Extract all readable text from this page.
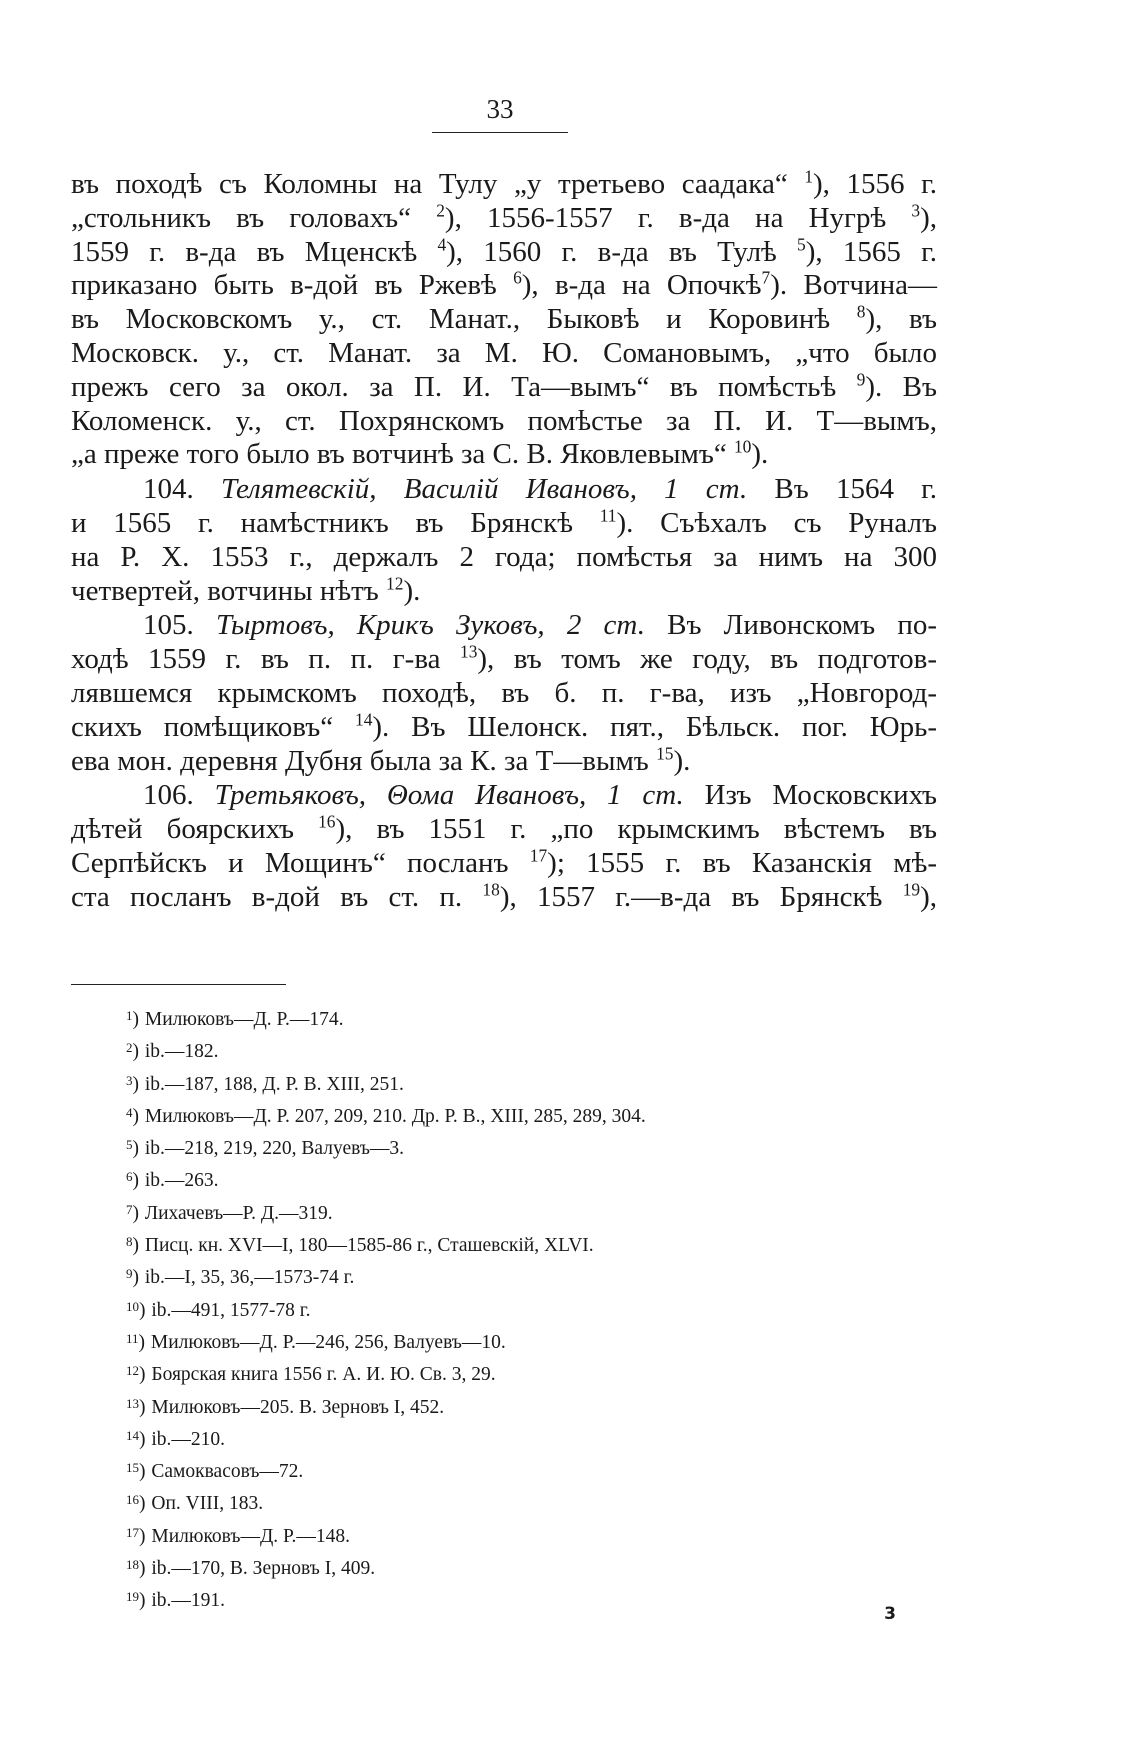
33

въ походѣ съ Коломны на Тулу „у третьево саадака“ $^1$), 1556 г.

„стольникъ въ головахъ“ $^2$), 1556-1557 г. в-да на Нугрѣ $^3$),

1559 г. в-да въ Мценскѣ $^4$), 1560 г. в-да въ Тулѣ $^5$), 1565 г.

приказано быть в-дой въ Ржевѣ $^6$), в-да на Опочкѣ$^7$). Вотчина—

въ Московскомъ у., ст. Манат., Быковѣ и Коровинѣ $^8$), въ

Московск. у., ст. Манат. за М. Ю. Сомановымъ, „что было

прежъ сего за окол. за П. И. Та—вымъ“ въ помѣстьѣ $^9$). Въ

Коломенск. у., ст. Похрянскомъ помѣстье за П. И. Т—вымъ,

„а преже того было въ вотчинѣ за С. В. Яковлевымъ“ $^{10}$).

104. Телятевскій, Василій Ивановъ, 1 ст. Въ 1564 г.

и 1565 г. намѣстникъ въ Брянскѣ $^{11}$). Съѣхалъ съ Руналъ

на Р. Х. 1553 г., держалъ 2 года; помѣстья за нимъ на 300

четвертей, вотчины нѣтъ $^{12}$).

105. Тыртовъ, Крикъ Зуковъ, 2 ст. Въ Ливонскомъ по-

ходѣ 1559 г. въ п. п. г-ва $^{13}$), въ томъ же году, въ подготов-

лявшемся крымскомъ походѣ, въ б. п. г-ва, изъ „Новгород-

скихъ помѣщиковъ“ $^{14}$). Въ Шелонск. пят., Бѣльск. пог. Юрь-

ева мон. деревня Дубня была за К. за Т—вымъ $^{15}$).

106. Третьяковъ, Θома Ивановъ, 1 ст. Изъ Московскихъ

дѣтей боярскихъ $^{16}$), въ 1551 г. „по крымскимъ вѣстемъ въ

Серпѣйскъ и Мощинъ“ посланъ $^{17}$); 1555 г. въ Казанскія мѣ-

ста посланъ в-дой въ ст. п. $^{18}$), 1557 г.—в-да въ Брянскѣ $^{19}$),

$^1$ ) Милюковъ—Д. Р.—174.
$^2$ ) ib.—182.
$^3$ ) ib.—187, 188, Д. Р. В. XIII, 251.
$^4$ ) Милюковъ—Д. Р. 207, 209, 210. Др. Р. В., XIII, 285, 289, 304.
$^5$ ) ib.—218, 219, 220, Валуевъ—3.
$^6$ ) ib.—263.
$^7$ ) Лихачевъ—Р. Д.—319.
$^8$ ) Писц. кн. XVI—I, 180—1585-86 г., Сташевскій, XLVI.
$^9$ ) ib.—I, 35, 36,—1573-74 г.
$^{10}$ ) ib.—491, 1577-78 г.
$^{11}$ ) Милюковъ—Д. Р.—246, 256, Валуевъ—10.
$^{12}$ ) Боярская книга 1556 г. А. И. Ю. Св. 3, 29.
$^{13}$ ) Милюковъ—205. В. Зерновъ I, 452.
$^{14}$ ) ib.—210.
$^{15}$ ) Самоквасовъ—72.
$^{16}$ ) Оп. VIII, 183.
$^{17}$ ) Милюковъ—Д. Р.—148.
$^{18}$ ) ib.—170, В. Зерновъ I, 409.
$^{19}$ ) ib.—191.
3
